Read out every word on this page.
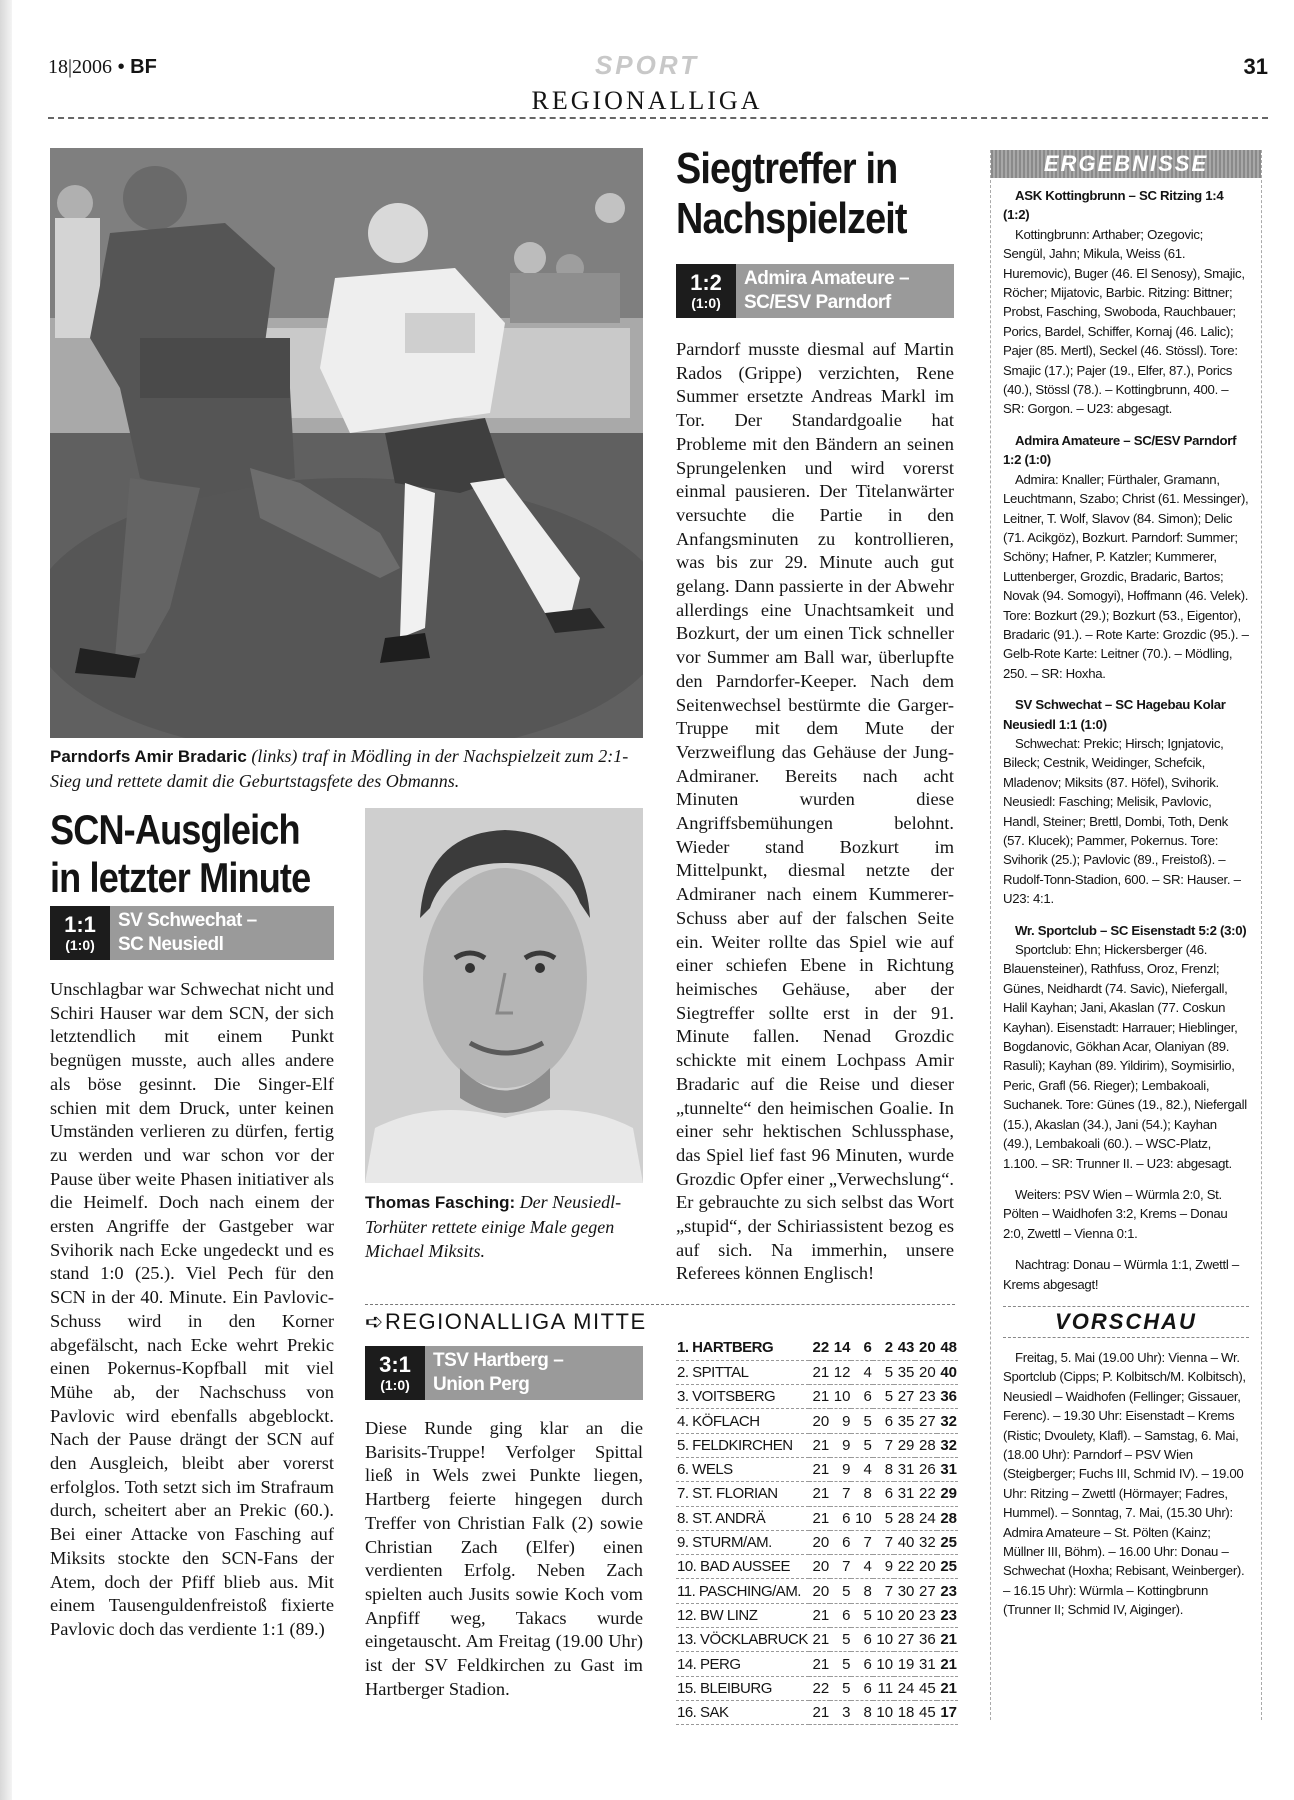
18|2006 • BF	SPORT
REGIONALLIGA
31
Parndorfs Amir Bradaric (links) traf in Mödling in der Nachspielzeit zum 2:1-Sieg und rettete damit die Geburtstagsfete des Obmanns.
SCN-Ausgleich
in letzter Minute
1:1
(1:0)
SV Schwechat –
SC Neusiedl
Unschlagbar war Schwechat nicht und Schiri Hauser war dem SCN, der sich letztendlich mit einem Punkt begnügen musste, auch alles andere als böse gesinnt. Die Singer-Elf schien mit dem Druck, unter keinen Umständen verlieren zu dürfen, fertig zu werden und war schon vor der Pause über weite Phasen initiativer als die Heimelf. Doch nach einem der ersten Angriffe der Gastgeber war Svihorik nach Ecke ungedeckt und es stand 1:0 (25.). Viel Pech für den SCN in der 40. Minute. Ein Pavlovic-Schuss wird in den Korner abgefälscht, nach Ecke wehrt Prekic einen Pokernus-Kopfball mit viel Mühe ab, der Nachschuss von Pavlovic wird ebenfalls abgeblockt. Nach der Pause drängt der SCN auf den Ausgleich, bleibt aber vorerst erfolglos. Toth setzt sich im Strafraum durch, scheitert aber an Prekic (60.). Bei einer Attacke von Fasching auf Miksits stockte den SCN-Fans der Atem, doch der Pfiff blieb aus. Mit einem Tausenguldenfreistoß fixierte Pavlovic doch das verdiente 1:1 (89.)
Thomas Fasching: Der Neusiedl-Torhüter rettete einige Male gegen Michael Miksits.
Siegtreffer in
Nachspielzeit
1:2
(1:0)
Admira Amateure –
SC/ESV Parndorf
Parndorf musste diesmal auf Martin Rados (Grippe) verzichten, Rene Summer ersetzte Andreas Markl im Tor. Der Standardgoalie hat Probleme mit den Bändern an seinen Sprungelenken und wird vorerst einmal pausieren. Der Titelanwärter versuchte die Partie in den Anfangsminuten zu kontrollieren, was bis zur 29. Minute auch gut gelang. Dann passierte in der Abwehr allerdings eine Unachtsamkeit und Bozkurt, der um einen Tick schneller vor Summer am Ball war, überlupfte den Parndorfer-Keeper. Nach dem Seitenwechsel bestürmte die Garger-Truppe mit dem Mute der Verzweiflung das Gehäuse der Jung-Admiraner. Bereits nach acht Minuten wurden diese Angriffsbemühungen belohnt. Wieder stand Bozkurt im Mittelpunkt, diesmal netzte der Admiraner nach einem Kummerer-Schuss aber auf der falschen Seite ein. Weiter rollte das Spiel wie auf einer schiefen Ebene in Richtung heimisches Gehäuse, aber der Siegtreffer sollte erst in der 91. Minute fallen. Nenad Grozdic schickte mit einem Lochpass Amir Bradaric auf die Reise und dieser „tunnelte“ den heimischen Goalie. In einer sehr hektischen Schlussphase, das Spiel lief fast 96 Minuten, wurde Grozdic Opfer einer „Verwechslung“. Er gebrauchte zu sich selbst das Wort „stupid“, der Schiriassistent bezog es auf sich. Na immerhin, unsere Referees können Englisch!
➪REGIONALLIGA MITTE
3:1
(1:0)
TSV Hartberg –
Union Perg
Diese Runde ging klar an die Barisits-Truppe! Verfolger Spittal ließ in Wels zwei Punkte liegen, Hartberg feierte hingegen durch Treffer von Christian Falk (2) sowie Christian Zach (Elfer) einen verdienten Erfolg. Neben Zach spielten auch Jusits sowie Koch vom Anpfiff weg, Takacs wurde eingetauscht. Am Freitag (19.00 Uhr) ist der SV Feldkirchen zu Gast im Hartberger Stadion.
1. HARTBERG	22	14	6	2	43	20	48
2. SPITTAL	21	12	4	5	35	20	40
3. VOITSBERG	21	10	6	5	27	23	36
4. KÖFLACH	20	9	5	6	35	27	32
5. FELDKIRCHEN	21	9	5	7	29	28	32
6. WELS	21	9	4	8	31	26	31
7. ST. FLORIAN	21	7	8	6	31	22	29
8. ST. ANDRÄ	21	6	10	5	28	24	28
9. STURM/AM.	20	6	7	7	40	32	25
10. BAD AUSSEE	20	7	4	9	22	20	25
11. PASCHING/AM.	20	5	8	7	30	27	23
12. BW LINZ	21	6	5	10	20	23	23
13. VÖCKLABRUCK	21	5	6	10	27	36	21
14. PERG	21	5	6	10	19	31	21
15. BLEIBURG	22	5	6	11	24	45	21
16. SAK	21	3	8	10	18	45	17
ERGEBNISSE
ASK Kottingbrunn – SC Ritzing 1:4 (1:2)
Kottingbrunn: Arthaber; Ozegovic; Sengül, Jahn; Mikula, Weiss (61. Huremovic), Buger (46. El Senosy), Smajic, Röcher; Mijatovic, Barbic. Ritzing: Bittner; Probst, Fasching, Swoboda, Rauchbauer; Porics, Bardel, Schiffer, Kornaj (46. Lalic); Pajer (85. Mertl), Seckel (46. Stössl). Tore: Smajic (17.); Pajer (19., Elfer, 87.), Porics (40.), Stössl (78.). – Kottingbrunn, 400. – SR: Gorgon. – U23: abgesagt.
Admira Amateure – SC/ESV Parndorf 1:2 (1:0)
Admira: Knaller; Fürthaler, Gramann, Leuchtmann, Szabo; Christ (61. Messinger), Leitner, T. Wolf, Slavov (84. Simon); Delic (71. Acikgöz), Bozkurt. Parndorf: Summer; Schöny; Hafner, P. Katzler; Kummerer, Luttenberger, Grozdic, Bradaric, Bartos; Novak (94. Somogyi), Hoffmann (46. Velek). Tore: Bozkurt (29.); Bozkurt (53., Eigentor), Bradaric (91.). – Rote Karte: Grozdic (95.). – Gelb-Rote Karte: Leitner (70.). – Mödling, 250. – SR: Hoxha.
SV Schwechat – SC Hagebau Kolar Neusiedl 1:1 (1:0)
Schwechat: Prekic; Hirsch; Ignjatovic, Bileck; Cestnik, Weidinger, Schefcik, Mladenov; Miksits (87. Höfel), Svihorik. Neusiedl: Fasching; Melisik, Pavlovic, Handl, Steiner; Brettl, Dombi, Toth, Denk (57. Klucek); Pammer, Pokernus. Tore: Svihorik (25.); Pavlovic (89., Freistoß). – Rudolf-Tonn-Stadion, 600. – SR: Hauser. – U23: 4:1.
Wr. Sportclub – SC Eisenstadt 5:2 (3:0)
Sportclub: Ehn; Hickersberger (46. Blauensteiner), Rathfuss, Oroz, Frenzl; Günes, Neidhardt (74. Savic), Niefergall, Halil Kayhan; Jani, Akaslan (77. Coskun Kayhan). Eisenstadt: Harrauer; Hieblinger, Bogdanovic, Gökhan Acar, Olaniyan (89. Rasuli); Kayhan (89. Yildirim), Soymisirlio, Peric, Grafl (56. Rieger); Lembakoali, Suchanek. Tore: Günes (19., 82.), Niefergall (15.), Akaslan (34.), Jani (54.); Kayhan (49.), Lembakoali (60.). – WSC-Platz, 1.100. – SR: Trunner II. – U23: abgesagt.
Weiters: PSV Wien – Würmla 2:0, St. Pölten – Waidhofen 3:2, Krems – Donau 2:0, Zwettl – Vienna 0:1.
Nachtrag: Donau – Würmla 1:1, Zwettl – Krems abgesagt!
VORSCHAU
Freitag, 5. Mai (19.00 Uhr): Vienna – Wr. Sportclub (Cipps; P. Kolbitsch/M. Kolbitsch), Neusiedl – Waidhofen (Fellinger; Gissauer, Ferenc). – 19.30 Uhr: Eisenstadt – Krems (Ristic; Dvoulety, Klafl). – Samstag, 6. Mai, (18.00 Uhr): Parndorf – PSV Wien (Steigberger; Fuchs III, Schmid IV). – 19.00 Uhr: Ritzing – Zwettl (Hörmayer; Fadres, Hummel). – Sonntag, 7. Mai, (15.30 Uhr): Admira Amateure – St. Pölten (Kainz; Müllner III, Böhm). – 16.00 Uhr: Donau – Schwechat (Hoxha; Rebisant, Weinberger). – 16.15 Uhr): Würmla – Kottingbrunn (Trunner II; Schmid IV, Aiginger).
